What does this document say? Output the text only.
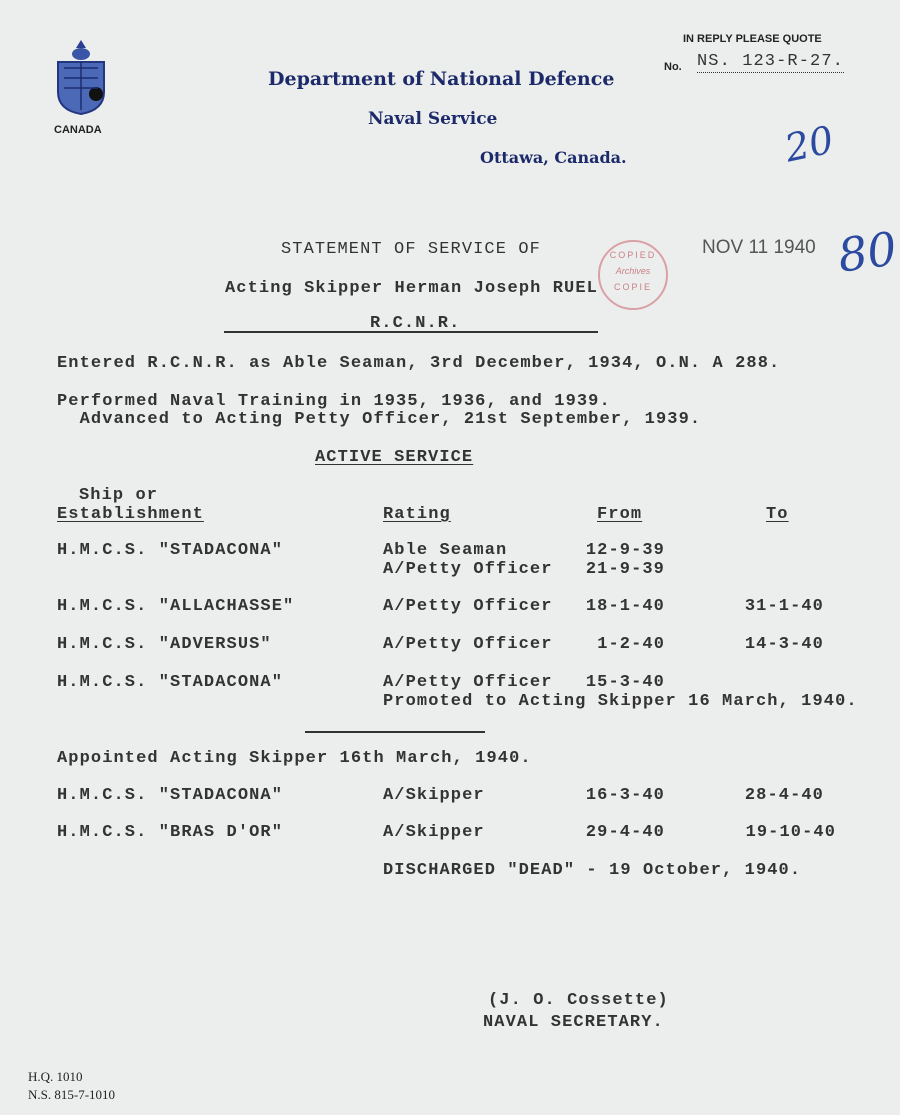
CANADA
Department of National Defence
Naval Service
Ottawa, Canada.
IN REPLY PLEASE QUOTE
No. NS. 123-R-27.
20
80
NOV 11 1940
COPIED
Archives
COPIE
STATEMENT OF SERVICE OF
Acting Skipper Herman Joseph RUEL
R.C.N.R.
Entered R.C.N.R. as Able Seaman, 3rd December, 1934, O.N. A 288.
Performed Naval Training in 1935, 1936, and 1939.
Advanced to Acting Petty Officer, 21st September, 1939.
ACTIVE SERVICE
Ship or
Establishment	Rating	From	To
H.M.C.S. "STADACONA"	Able Seaman	12-9-39
A/Petty Officer 21-9-39
H.M.C.S. "ALLACHASSE"	A/Petty Officer 18-1-40	31-1-40
H.M.C.S. "ADVERSUS"	A/Petty Officer	1-2-40	14-3-40
H.M.C.S. "STADACONA"	A/Petty Officer 15-3-40
Promoted to Acting Skipper 16 March, 1940.
Appointed Acting Skipper 16th March, 1940.
H.M.C.S. "STADACONA"	A/Skipper	16-3-40	28-4-40
H.M.C.S. "BRAS D'OR"	A/Skipper	29-4-40	19-10-40
DISCHARGED "DEAD" - 19 October, 1940.
(J. O. Cossette)
NAVAL SECRETARY.
H.Q. 1010
N.S. 815-7-1010
